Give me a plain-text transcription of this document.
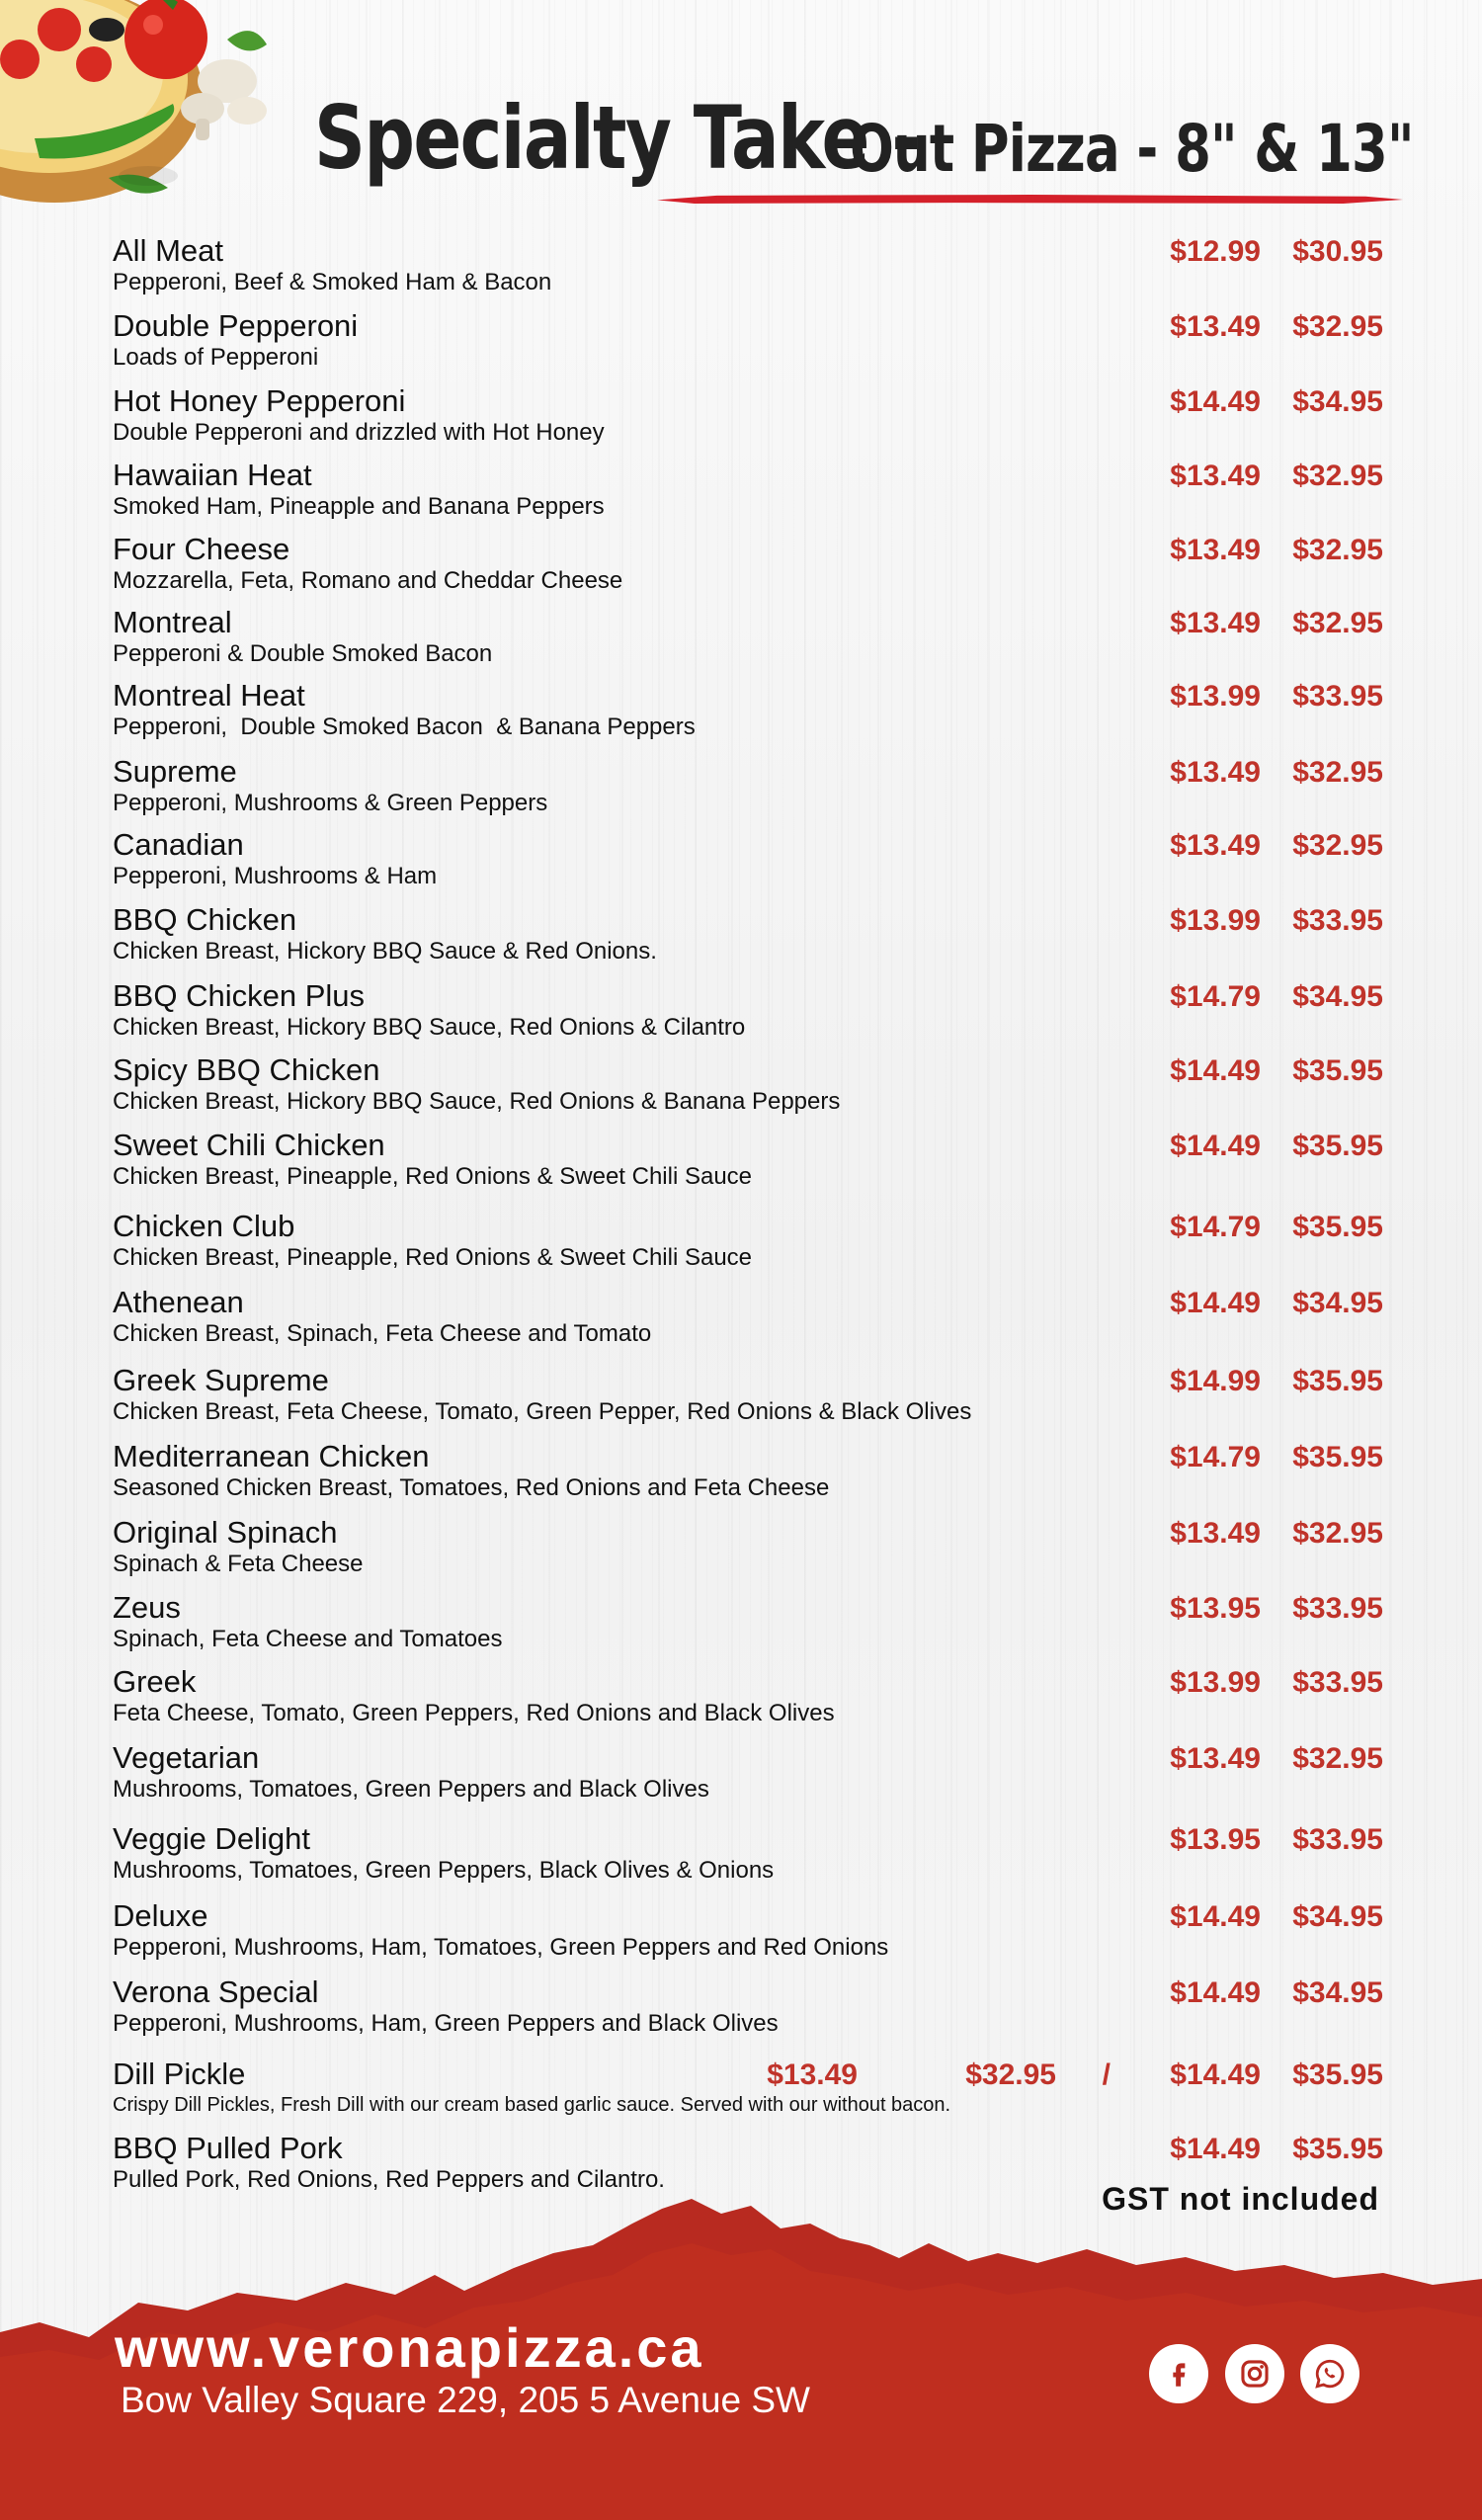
Specialty Take -
Out Pizza - 8" & 13"
All Meat
Pepperoni, Beef & Smoked Ham & Bacon
$12.99 $30.95
Double Pepperoni
Loads of Pepperoni
$13.49 $32.95
Hot Honey Pepperoni
Double Pepperoni and drizzled with Hot Honey
$14.49 $34.95
Hawaiian Heat
Smoked Ham, Pineapple and Banana Peppers
$13.49 $32.95
Four Cheese
Mozzarella, Feta, Romano and Cheddar Cheese
$13.49 $32.95
Montreal
Pepperoni & Double Smoked Bacon
$13.49 $32.95
Montreal Heat
Pepperoni,  Double Smoked Bacon  & Banana Peppers
$13.99 $33.95
Supreme
Pepperoni, Mushrooms & Green Peppers
$13.49 $32.95
Canadian
Pepperoni, Mushrooms & Ham
$13.49 $32.95
BBQ Chicken
Chicken Breast, Hickory BBQ Sauce & Red Onions.
$13.99 $33.95
BBQ Chicken Plus
Chicken Breast, Hickory BBQ Sauce, Red Onions & Cilantro
$14.79 $34.95
Spicy BBQ Chicken
Chicken Breast, Hickory BBQ Sauce, Red Onions & Banana Peppers
$14.49 $35.95
Sweet Chili Chicken
Chicken Breast, Pineapple, Red Onions & Sweet Chili Sauce
$14.49 $35.95
Chicken Club
Chicken Breast, Pineapple, Red Onions & Sweet Chili Sauce
$14.79 $35.95
Athenean
Chicken Breast, Spinach, Feta Cheese and Tomato
$14.49 $34.95
Greek Supreme
Chicken Breast, Feta Cheese, Tomato, Green Pepper, Red Onions & Black Olives
$14.99 $35.95
Mediterranean Chicken
Seasoned Chicken Breast, Tomatoes, Red Onions and Feta Cheese
$14.79 $35.95
Original Spinach
Spinach & Feta Cheese
$13.49 $32.95
Zeus
Spinach, Feta Cheese and Tomatoes
$13.95 $33.95
Greek
Feta Cheese, Tomato, Green Peppers, Red Onions and Black Olives
$13.99 $33.95
Vegetarian
Mushrooms, Tomatoes, Green Peppers and Black Olives
$13.49 $32.95
Veggie Delight
Mushrooms, Tomatoes, Green Peppers, Black Olives & Onions
$13.95 $33.95
Deluxe
Pepperoni, Mushrooms, Ham, Tomatoes, Green Peppers and Red Onions
$14.49 $34.95
Verona Special
Pepperoni, Mushrooms, Ham, Green Peppers and Black Olives
$14.49 $34.95
Dill Pickle
Crispy Dill Pickles, Fresh Dill with our cream based garlic sauce. Served with our without bacon.
$13.49	$32.95 / $14.49 $35.95
BBQ Pulled Pork
Pulled Pork, Red Onions, Red Peppers and Cilantro.
$14.49 $35.95
GST not included
www.veronapizza.ca
Bow Valley Square 229, 205 5 Avenue SW
